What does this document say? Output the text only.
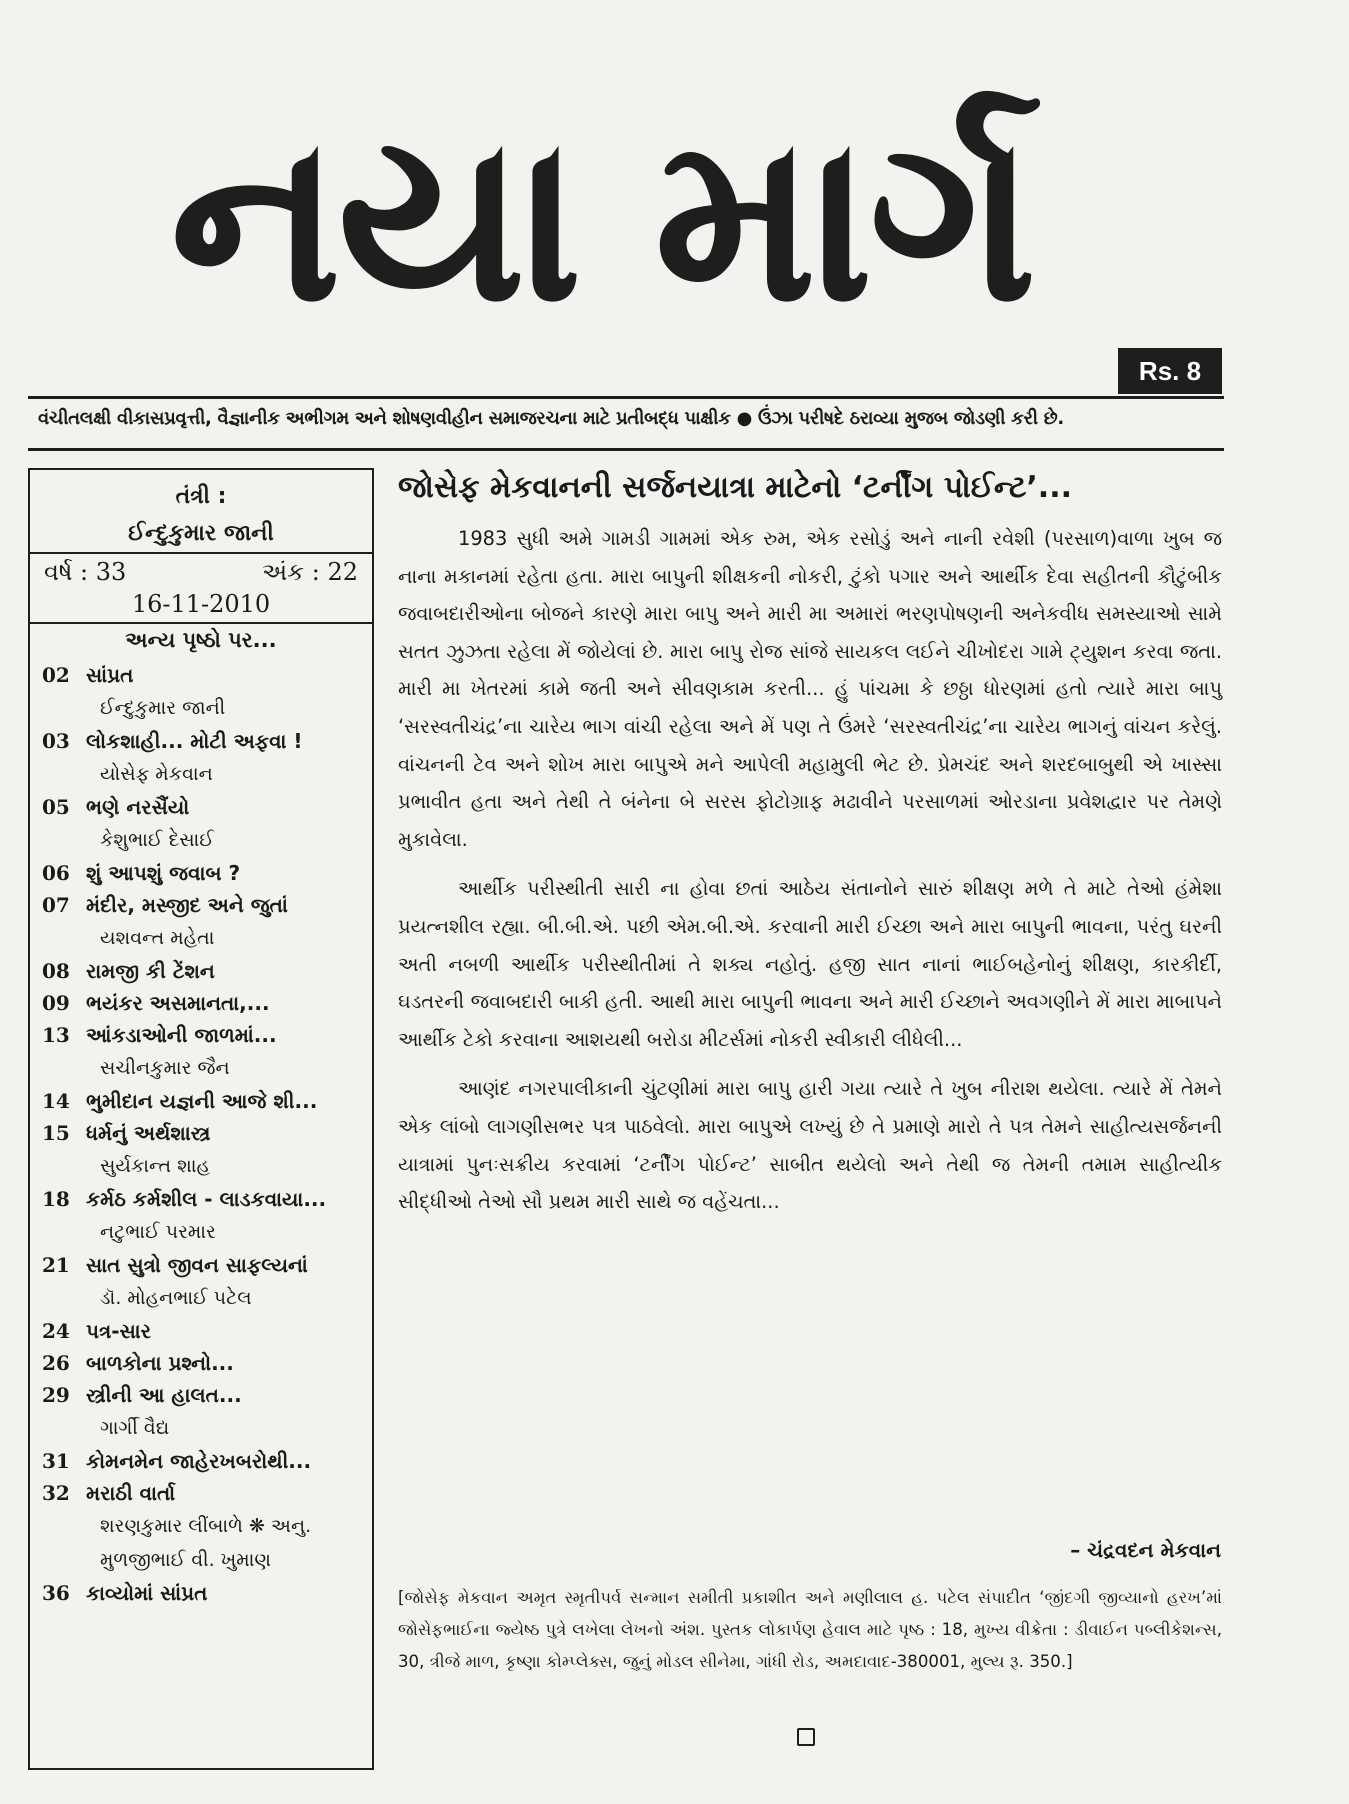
નયા માર્ગ
Rs. 8
વંચીતલક્ષી વીકાસપ્રવૃત્તી, વૈજ્ઞાનીક અભીગમ અને શોષણવીહીન સમાજરચના માટે પ્રતીબદ્ધ પાક્ષીક ● ઉંઝા પરીષદે ઠરાવ્યા મુજબ જોડણી કરી છે.
તંત્રી :
ઈન્દુકુમાર જાની
વર્ષ : 33	અંક : 22
16-11-2010
અન્ય પૃષ્ઠો પર...
02 સાંપ્રત
ઈન્દુકુમાર જાની
03 લોકશાહી... મોટી અફવા !
યોસેફ મેકવાન
05 ભણે નરસૈંયો
કેશુભાઈ દેસાઈ
06 શું આપશું જવાબ ?
07 મંદીર, મસ્જીદ અને જુતાં
યશવન્ત મહેતા
08 રામજી કી ટેંશન
09 ભયંકર અસમાનતા,...
13 આંકડાઓની જાળમાં...
સચીનકુમાર જૈન
14 ભુમીદાન યજ્ઞની આજે શી...
15 ધર્મનું અર્થશાસ્ત્ર
સુર્યકાન્ત શાહ
18 કર્મઠ કર્મશીલ - લાડકવાયા...
નટુભાઈ પરમાર
21 સાત સુત્રો જીવન સાફલ્યનાં
ડૉ. મોહનભાઈ પટેલ
24 પત્ર-સાર
26 બાળકોના પ્રશ્નો...
29 સ્ત્રીની આ હાલત...
ગાર્ગી વૈદ્ય
31 કોમનમેન જાહેરખબરોથી...
32 મરાઠી વાર્તા
શરણકુમાર લીંબાળે ❋ અનુ.
મુળજીભાઈ વી. ખુમાણ
36 કાવ્યોમાં સાંપ્રત
જોસેફ મેકવાનની સર્જનયાત્રા માટેનો ‘ટર્નીંગ પોઈન્ટ’...

1983 સુધી અમે ગામડી ગામમાં એક રુમ, એક રસોડું અને નાની રવેશી (પરસાળ)વાળા ખુબ જ નાના મકાનમાં રહેતા હતા. મારા બાપુની શીક્ષકની નોકરી, ટુંકો પગાર અને આર્થીક દેવા સહીતની કૌટુંબીક જવાબદારીઓના બોજને કારણે મારા બાપુ અને મારી મા અમારાં ભરણપોષણની અનેકવીધ સમસ્યાઓ સામે સતત ઝુઝતા રહેલા મેં જોયેલાં છે. મારા બાપુ રોજ સાંજે સાયકલ લઈને ચીખોદરા ગામે ટ્યુશન કરવા જતા. મારી મા ખેતરમાં કામે જતી અને સીવણકામ કરતી... હું પાંચમા કે છઠ્ઠા ધોરણમાં હતો ત્યારે મારા બાપુ ‘સરસ્વતીચંદ્ર’ના ચારેય ભાગ વાંચી રહેલા અને મેં પણ તે ઉંમરે ‘સરસ્વતીચંદ્ર’ના ચારેય ભાગનું વાંચન કરેલું. વાંચનની ટેવ અને શોખ મારા બાપુએ મને આપેલી મહામુલી ભેટ છે. પ્રેમચંદ અને શરદબાબુથી એ ખાસ્સા પ્રભાવીત હતા અને તેથી તે બંનેના બે સરસ ફોટોગ્રાફ મઢાવીને પરસાળમાં ઓરડાના પ્રવેશદ્વાર પર તેમણે મુકાવેલા.

આર્થીક પરીસ્થીતી સારી ના હોવા છતાં આઠેય સંતાનોને સારું શીક્ષણ મળે તે માટે તેઓ હંમેશા પ્રયત્નશીલ રહ્યા. બી.બી.એ. પછી એમ.બી.એ. કરવાની મારી ઈચ્છા અને મારા બાપુની ભાવના, પરંતુ ઘરની અતી નબળી આર્થીક પરીસ્થીતીમાં તે શક્ય નહોતું. હજી સાત નાનાં ભાઈબહેનોનું શીક્ષણ, કારકીર્દી, ઘડતરની જવાબદારી બાકી હતી. આથી મારા બાપુની ભાવના અને મારી ઈચ્છાને અવગણીને મેં મારા માબાપને આર્થીક ટેકો કરવાના આશયથી બરોડા મીટર્સમાં નોકરી સ્વીકારી લીધેલી...

આણંદ નગરપાલીકાની ચુંટણીમાં મારા બાપુ હારી ગયા ત્યારે તે ખુબ નીરાશ થયેલા. ત્યારે મેં તેમને એક લાંબો લાગણીસભર પત્ર પાઠવેલો. મારા બાપુએ લખ્યું છે તે પ્રમાણે મારો તે પત્ર તેમને સાહીત્યસર્જનની યાત્રામાં પુનઃસક્રીય કરવામાં ‘ટર્નીંગ પોઈન્ટ’ સાબીત થયેલો અને તેથી જ તેમની તમામ સાહીત્યીક સીદ્ધીઓ તેઓ સૌ પ્રથમ મારી સાથે જ વહેંચતા...

– ચંદ્રવદન મેકવાન
[જોસેફ મેકવાન અમૃત સ્મૃતીપર્વ સન્માન સમીતી પ્રકાશીત અને મણીલાલ હ. પટેલ સંપાદીત ‘જીંદગી જીવ્યાનો હરખ’માં જોસેફભાઈના જ્યેષ્ઠ પુત્રે લખેલા લેખનો અંશ. પુસ્તક લોકાર્પણ હેવાલ માટે પૃષ્ઠ : 18, મુખ્ય વીક્રેતા : ડીવાઈન પબ્લીકેશન્સ, 30, ત્રીજે માળ, કૃષ્ણા કોમ્પ્લેક્સ, જુનું મોડલ સીનેમા, ગાંધી રોડ, અમદાવાદ-380001, મુલ્ય રૂ. 350.]
